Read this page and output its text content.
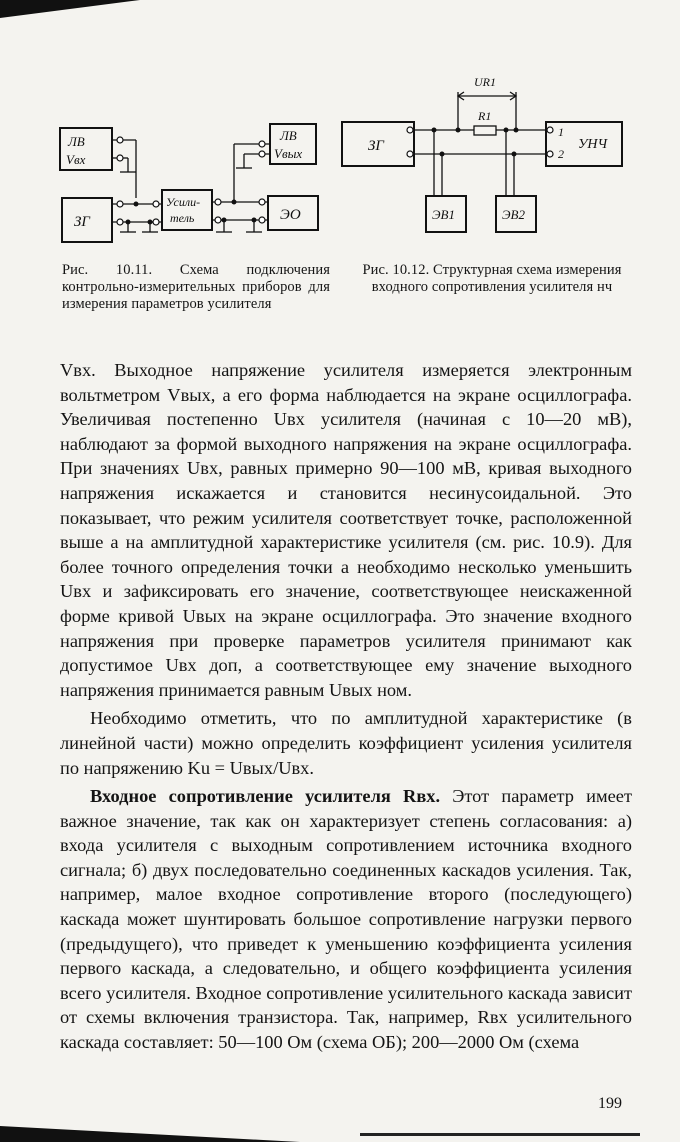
ЛВ
Vвх
ЗГ
Усили-
тель
ЛВ
Vвых
ЭО
UR1
R1
ЗГ
1
2
УНЧ
ЭВ1	ЭВ2
Рис. 10.11. Схема подключения контрольно-измерительных приборов для измерения параметров усилителя
Рис. 10.12. Структурная схема измерения входного сопротивления усилителя нч

Vвх. Выходное напряжение усилителя измеряется электронным вольтметром Vвых, а его форма наблюдается на экране осциллографа. Увеличивая постепенно Uвх усилителя (начиная с 10—20 мВ), наблюдают за формой выходного напряжения на экране осциллографа. При значениях Uвх, равных примерно 90—100 мВ, кривая выходного напряжения искажается и становится несинусоидальной. Это показывает, что режим усилителя соответствует точке, расположенной выше a на амплитудной характеристике усилителя (см. рис. 10.9). Для более точного определения точки a необходимо несколько уменьшить Uвх и зафиксировать его значение, соответствующее неискаженной форме кривой Uвых на экране осциллографа. Это значение входного напряжения при проверке параметров усилителя принимают как допустимое Uвх доп, а соответствующее ему значение выходного напряжения принимается равным Uвых ном.

Необходимо отметить, что по амплитудной характеристике (в линейной части) можно определить коэффициент усиления усилителя по напряжению Ku = Uвых/Uвх.

Входное сопротивление усилителя Rвх. Этот параметр имеет важное значение, так как он характеризует степень согласования: а) входа усилителя с выходным сопротивлением источника входного сигнала; б) двух последовательно соединенных каскадов усиления. Так, например, малое входное сопротивление второго (последующего) каскада может шунтировать большое сопротивление нагрузки первого (предыдущего), что приведет к уменьшению коэффициента усиления первого каскада, а следовательно, и общего коэффициента усиления всего усилителя. Входное сопротивление усилительного каскада зависит от схемы включения транзистора. Так, например, Rвх усилительного каскада составляет: 50—100 Ом (схема ОБ); 200—2000 Ом (схема

199
